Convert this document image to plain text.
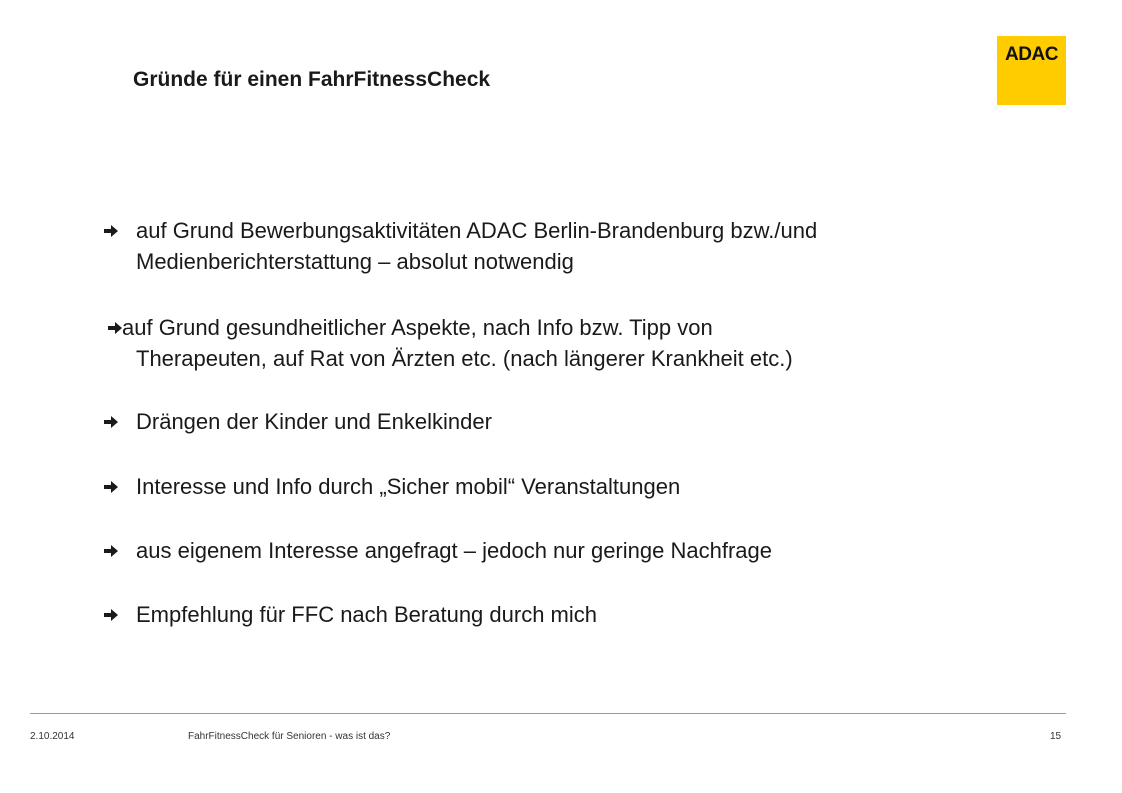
Gründe für einen FahrFitnessCheck
ADAC
auf Grund Bewerbungsaktivitäten ADAC Berlin-Brandenburg bzw./und
Medienberichterstattung – absolut notwendig
auf Grund gesundheitlicher Aspekte, nach Info bzw. Tipp von
Therapeuten, auf Rat von Ärzten etc. (nach längerer Krankheit etc.)
Drängen der Kinder und Enkelkinder
Interesse und Info durch „Sicher mobil“ Veranstaltungen
aus eigenem Interesse angefragt – jedoch nur geringe Nachfrage
Empfehlung für FFC nach Beratung durch mich
2.10.2014	FahrFitnessCheck für Senioren - was ist das?	15
